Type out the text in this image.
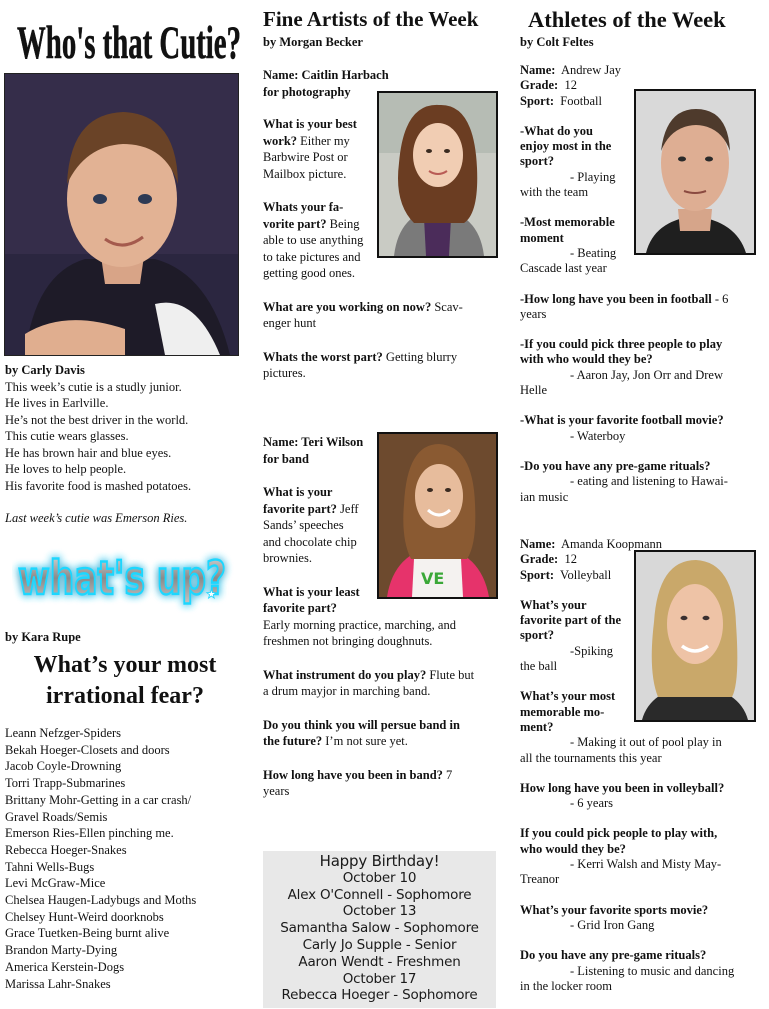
Who's that Cutie?

by Carly Davis

This week’s cutie is a studly junior.

He lives in Earlville.

He’s not the best driver in the world.

This cutie wears glasses.

He has brown hair and blue eyes.

He loves to help people.

His favorite food is mashed potatoes.

Last week’s cutie was Emerson Ries.

what's up?
★

by Kara Rupe

What’s your most
irrational fear?

Leann Nefzger-Spiders

Bekah Hoeger-Closets and doors

Jacob Coyle-Drowning

Torri Trapp-Submarines

Brittany Mohr-Getting in a car crash/

Gravel Roads/Semis

Emerson Ries-Ellen pinching me.

Rebecca Hoeger-Snakes

Tahni Wells-Bugs

Levi McGraw-Mice

Chelsea Haugen-Ladybugs and Moths

Chelsey Hunt-Weird doorknobs

Grace Tuetken-Being burnt alive

Brandon Marty-Dying

America Kerstein-Dogs

Marissa Lahr-Snakes

Fine Artists of the Week
by Morgan Becker

Name: Caitlin Harbach

for photography

What is your best

work? Either my

Barbwire Post or

Mailbox picture.

Whats your fa-

vorite part? Being

able to use anything

to take pictures and

getting good ones.

What are you working on now? Scav-

enger hunt

Whats the worst part? Getting blurry

pictures.

VE

Name: Teri Wilson

for band

What is your

favorite part? Jeff

Sands’ speeches

and chocolate chip

brownies.

What is your least

favorite part?

Early morning practice, marching, and

freshmen not bringing doughnuts.

What instrument do you play? Flute but

a drum mayjor in marching band.

Do you think you will persue band in

the future? I’m not sure yet.

How long have you been in band? 7

years

Happy Birthday!
October 10
Alex O'Connell - Sophomore
October 13
Samantha Salow - Sophomore
Carly Jo Supple - Senior
Aaron Wendt - Freshmen
October 17
Rebecca Hoeger - Sophomore
Athletes of the Week
by Colt Feltes

Name:  Andrew Jay

Grade:  12

Sport:  Football

-What do you

enjoy most in the

sport?

- Playing

with the team

-Most memorable

moment

- Beating

Cascade last year

-How long have you been in football - 6

years

-If you could pick three people to play

with who would they be?

- Aaron Jay, Jon Orr and Drew

Helle

-What is your favorite football movie?

- Waterboy

-Do you have any pre-game rituals?

- eating and listening to Hawai-

ian music

Name:  Amanda Koopmann

Grade:  12

Sport:  Volleyball

What’s your

favorite part of the

sport?

-Spiking

the ball

What’s your most

memorable mo-

ment?

- Making it out of pool play in

all the tournaments this year

How long have you been in volleyball?

- 6 years

If you could pick people to play with,

who would they be?

- Kerri Walsh and Misty May-

Treanor

What’s your favorite sports movie?

- Grid Iron Gang

Do you have any pre-game rituals?

- Listening to music and dancing

in the locker room
